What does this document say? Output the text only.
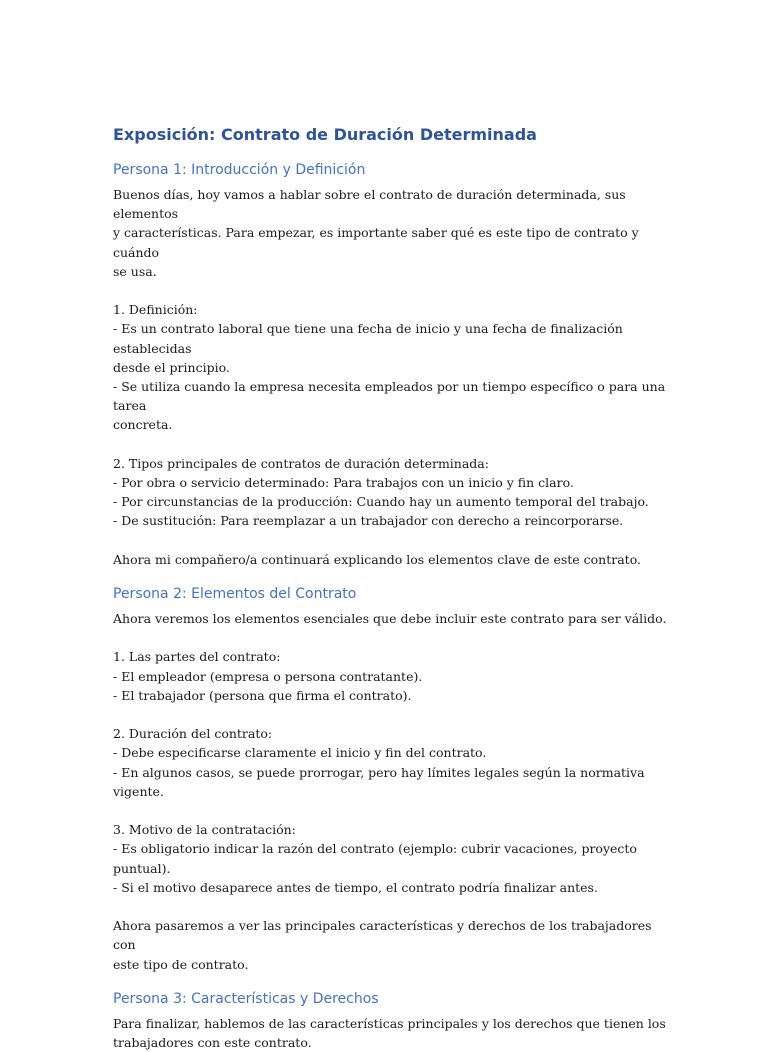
Exposición: Contrato de Duración Determinada
Persona 1: Introducción y Definición

Buenos días, hoy vamos a hablar sobre el contrato de duración determinada, sus elementos
y características. Para empezar, es importante saber qué es este tipo de contrato y cuándo
se usa.

1. Definición:
- Es un contrato laboral que tiene una fecha de inicio y una fecha de finalización establecidas
desde el principio.
- Se utiliza cuando la empresa necesita empleados por un tiempo específico o para una tarea
concreta.

2. Tipos principales de contratos de duración determinada:
- Por obra o servicio determinado: Para trabajos con un inicio y fin claro.
- Por circunstancias de la producción: Cuando hay un aumento temporal del trabajo.
- De sustitución: Para reemplazar a un trabajador con derecho a reincorporarse.

Ahora mi compañero/a continuará explicando los elementos clave de este contrato.

Persona 2: Elementos del Contrato

Ahora veremos los elementos esenciales que debe incluir este contrato para ser válido.

1. Las partes del contrato:
- El empleador (empresa o persona contratante).
- El trabajador (persona que firma el contrato).

2. Duración del contrato:
- Debe especificarse claramente el inicio y fin del contrato.
- En algunos casos, se puede prorrogar, pero hay límites legales según la normativa vigente.

3. Motivo de la contratación:
- Es obligatorio indicar la razón del contrato (ejemplo: cubrir vacaciones, proyecto puntual).
- Si el motivo desaparece antes de tiempo, el contrato podría finalizar antes.

Ahora pasaremos a ver las principales características y derechos de los trabajadores con
este tipo de contrato.

Persona 3: Características y Derechos

Para finalizar, hablemos de las características principales y los derechos que tienen los
trabajadores con este contrato.
